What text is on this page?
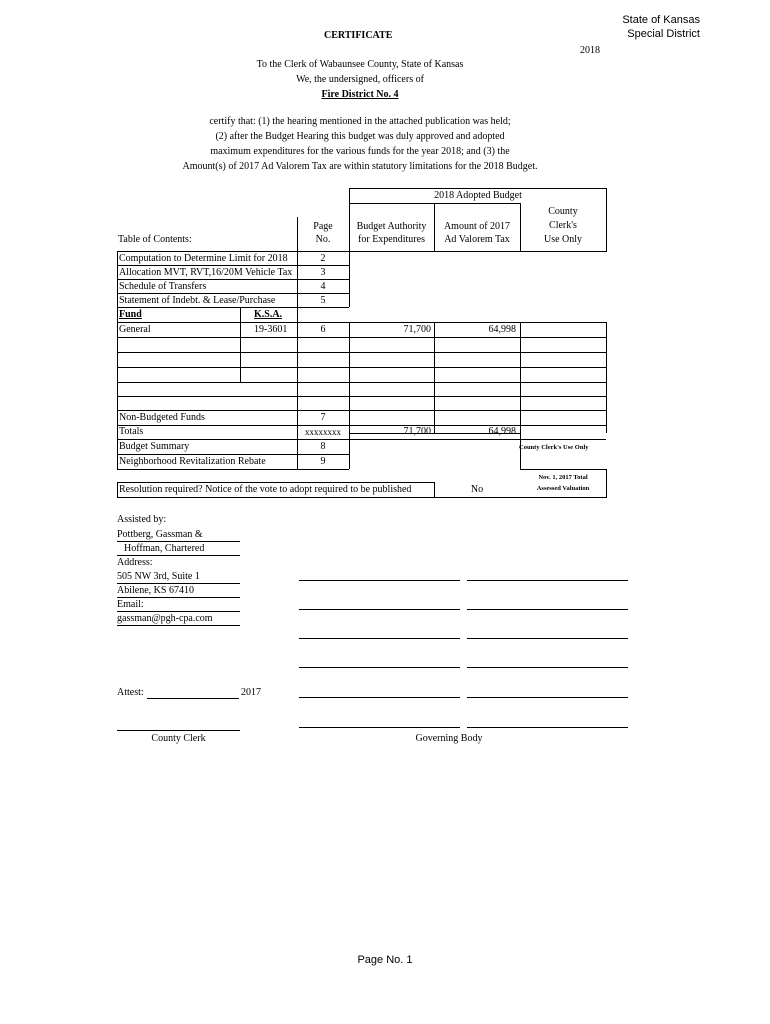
State of Kansas
Special District
2018
CERTIFICATE
To the Clerk of Wabaunsee County, State of Kansas
We, the undersigned, officers of
Fire District No. 4
certify that: (1) the hearing mentioned in the attached publication was held;
(2) after the Budget Hearing this budget was duly approved and adopted
maximum expenditures for the various funds for the year 2018; and (3) the
Amount(s) of 2017 Ad Valorem Tax are within statutory limitations for the 2018 Budget.
2018 Adopted Budget
Table of Contents:
Page
No.
Budget Authority
for Expenditures
Amount of 2017
Ad Valorem Tax
County
Clerk's
Use Only
Computation to Determine Limit for 2018	2
Allocation MVT, RVT,16/20M Vehicle Tax	3
Schedule of Transfers	4
Statement of Indebt. & Lease/Purchase	5
Fund	K.S.A.
General	19-3601	6	71,700	64,998
Non-Budgeted Funds	7
Totals	xxxxxxxx	71,700	64,998
Budget Summary	8
Neighborhood Revitalization Rebate	9
County Clerk's Use Only
Nov. 1, 2017 Total
Assessed Valuation
Resolution required? Notice of the vote to adopt required to be published	No
Assisted by:
Pottberg, Gassman &
Hoffman, Chartered
Address:
505 NW 3rd, Suite 1
Abilene, KS 67410
Email:
gassman@pgh-cpa.com
Attest:	2017
County Clerk	Governing Body
Page No. 1
